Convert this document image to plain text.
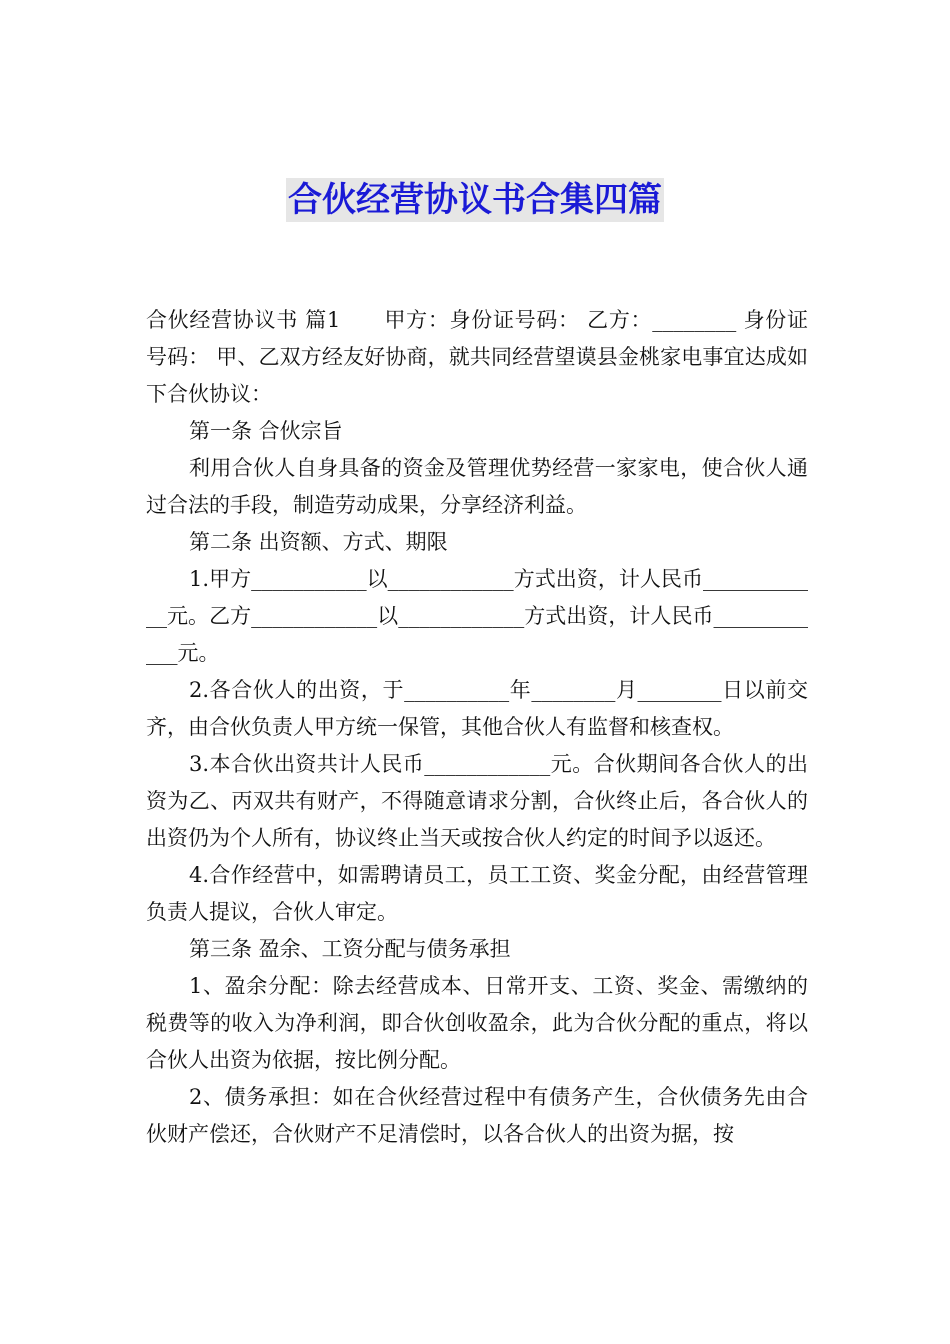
合伙经营协议书合集四篇

合伙经营协议书 篇1　　甲方：身份证号码： 乙方：________ 身份证号码： 甲、乙双方经友好协商，就共同经营望谟县金桃家电事宜达成如下合伙协议：

第一条 合伙宗旨

利用合伙人自身具备的资金及管理优势经营一家家电，使合伙人通过合法的手段，制造劳动成果，分享经济利益。

第二条 出资额、方式、期限

1.甲方___________以____________方式出资，计人民币____________元。乙方____________以____________方式出资，计人民币____________元。

2.各合伙人的出资，于__________年________月________日以前交齐，由合伙负责人甲方统一保管，其他合伙人有监督和核查权。

3.本合伙出资共计人民币____________元。合伙期间各合伙人的出资为乙、丙双共有财产，不得随意请求分割，合伙终止后，各合伙人的出资仍为个人所有，协议终止当天或按合伙人约定的时间予以返还。

4.合作经营中，如需聘请员工，员工工资、奖金分配，由经营管理负责人提议，合伙人审定。

第三条 盈余、工资分配与债务承担

1、盈余分配：除去经营成本、日常开支、工资、奖金、需缴纳的税费等的收入为净利润，即合伙创收盈余，此为合伙分配的重点，将以合伙人出资为依据，按比例分配。

2、债务承担：如在合伙经营过程中有债务产生，合伙债务先由合伙财产偿还，合伙财产不足清偿时，以各合伙人的出资为据，按
